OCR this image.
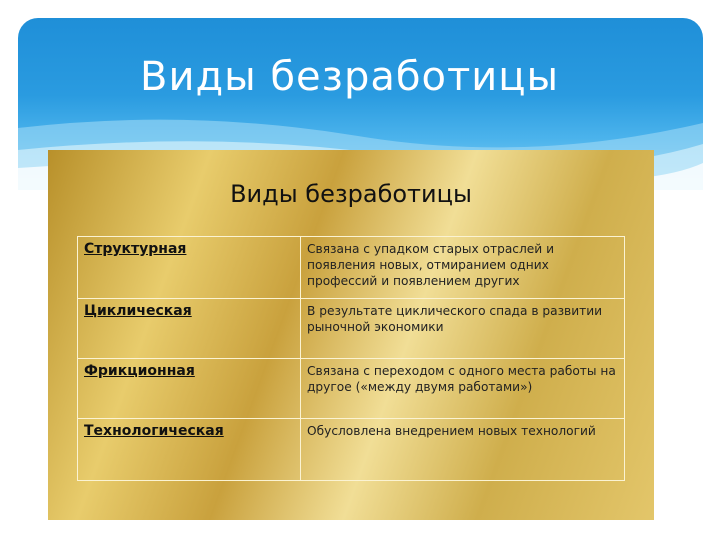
Виды безработицы
Виды безработицы
Структурная	Связана с упадком старых отраслей и появления новых, отмиранием одних профессий и появлением других
Циклическая	В результате циклического спада в развитии рыночной экономики
Фрикционная	Связана с переходом с одного места работы на другое («между двумя работами»)
Технологическая	Обусловлена внедрением новых технологий
